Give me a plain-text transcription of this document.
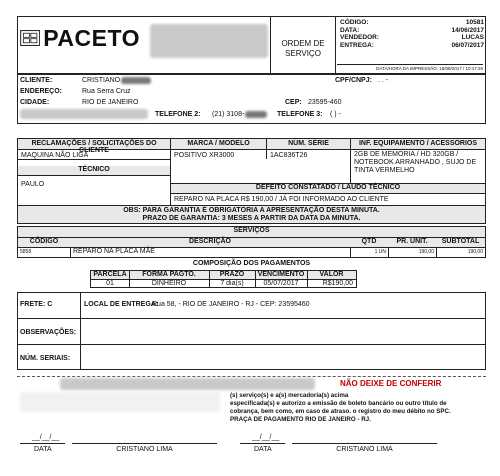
PACETO	ORDEM DE
SERVIÇO
CÓDIGO:	10581
DATA:	14/06/2017
VENDEDOR:	LUCAS
ENTREGA:	06/07/2017
DATA/HORA DA IMPRESSÃO: 15/08/2017 / 10:17:26
CLIENTE:	CRISTIANO	CPF/CNPJ: . . -
ENDEREÇO:	Rua Serra Cruz
CIDADE:	RIO DE JANEIRO	CEP: 23595-460
TELEFONE 2: (21) 3108-	TELEFONE 3: ( ) -
RECLAMAÇÕES / SOLICITAÇÕES DO CLIENTE
MARCA / MODELO	NÚM. SÉRIE	INF. EQUIPAMENTO / ACESSÓRIOS
MAQUINA NÃO LIGA	POSITIVO XR3000	1AC836T26	2GB DE MEMORIA / HD 320GB / NOTEBOOK ARRANHADO , SUJO DE TINTA VERMELHO
TÉCNICO
PAULO	DEFEITO CONSTATADO / LAUDO TÉCNICO
REPARO NA PLACA R$ 190,00 / JÁ FOI INFORMADO AO CLIENTE
OBS: PARA GARANTIA É OBRIGATÓRIA A APRESENTAÇÃO DESTA MINUTA.
PRAZO DE GARANTIA: 3 MESES A PARTIR DA DATA DA MINUTA.
SERVIÇOS
CÓDIGO	DESCRIÇÃO	QTD	PR. UNIT.	SUBTOTAL
5858	REPARO NA PLACA MÃE	1 UN	190,00	190,00
COMPOSIÇÃO DOS PAGAMENTOS
PARCELA	FORMA PAGTO.	PRAZO	VENCIMENTO	VALOR
01	DINHEIRO	7 dia(s)	05/07/2017	R$190,00
FRETE: C	LOCAL DE ENTREGA:
Rua 58, - RIO DE JANEIRO - RJ - CEP: 23595460
OBSERVAÇÕES:
NÚM. SERIAIS:
NÃO DEIXE DE CONFERIR
(s) serviço(s) e a(s) mercadoria(s) acima
especificada(s) e autorizo a emissão de boleto bancário ou outro título de
cobrança, bem como, em caso de atraso. o registro do meu débito no SPC.
PRAÇA DE PAGAMENTO RIO DE JANEIRO - RJ.
__/__/__
DATA	CRISTIANO LIMA
__/__/__
DATA	CRISTIANO LIMA
